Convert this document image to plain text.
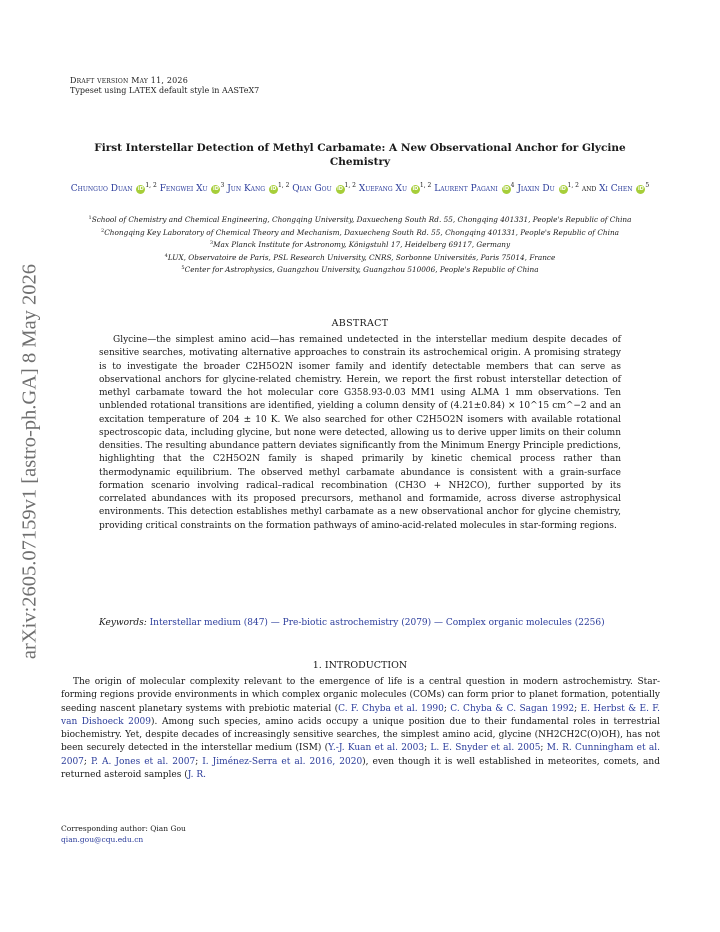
arXiv:2605.07159v1 [astro-ph.GA] 8 May 2026
Draft version May 11, 2026
Typeset using LATEX default style in AASTeX7
First Interstellar Detection of Methyl Carbamate: A New Observational Anchor for Glycine Chemistry
Chunguo Duan iD $^{1, 2}$ Fengwei Xu iD $^3$ Jun Kang iD $^{1, 2}$ Qian Gou iD $^{1, 2}$ Xuefang Xu iD $^{1, 2}$ Laurent Pagani iD $^4$ Jiaxin Du iD $^{1, 2}$ and Xi Chen iD $^5$
$^1$School of Chemistry and Chemical Engineering, Chongqing University, Daxuecheng South Rd. 55, Chongqing 401331, People's Republic of China
$^2$Chongqing Key Laboratory of Chemical Theory and Mechanism, Daxuecheng South Rd. 55, Chongqing 401331, People's Republic of China
$^3$Max Planck Institute for Astronomy, Königstuhl 17, Heidelberg 69117, Germany
$^4$LUX, Observatoire de Paris, PSL Research University, CNRS, Sorbonne Universités, Paris 75014, France
$^5$Center for Astrophysics, Guangzhou University, Guangzhou 510006, People's Republic of China
ABSTRACT

Glycine—the simplest amino acid—has remained undetected in the interstellar medium despite decades of sensitive searches, motivating alternative approaches to constrain its astrochemical origin. A promising strategy is to investigate the broader C2H5O2N isomer family and identify detectable members that can serve as observational anchors for glycine-related chemistry. Herein, we report the first robust interstellar detection of methyl carbamate toward the hot molecular core G358.93-0.03 MM1 using ALMA 1 mm observations. Ten unblended rotational transitions are identified, yielding a column density of (4.21±0.84) × 10^15 cm^−2 and an excitation temperature of 204 ± 10 K. We also searched for other C2H5O2N isomers with available rotational spectroscopic data, including glycine, but none were detected, allowing us to derive upper limits on their column densities. The resulting abundance pattern deviates significantly from the Minimum Energy Principle predictions, highlighting that the C2H5O2N family is shaped primarily by kinetic chemical process rather than thermodynamic equilibrium. The observed methyl carbamate abundance is consistent with a grain-surface formation scenario involving radical–radical recombination (CH3O + NH2CO), further supported by its correlated abundances with its proposed precursors, methanol and formamide, across diverse astrophysical environments. This detection establishes methyl carbamate as a new observational anchor for glycine chemistry, providing critical constraints on the formation pathways of amino-acid-related molecules in star-forming regions.

Keywords: Interstellar medium (847) — Pre-biotic astrochemistry (2079) — Complex organic molecules (2256)
1. INTRODUCTION

The origin of molecular complexity relevant to the emergence of life is a central question in modern astrochemistry. Star-forming regions provide environments in which complex organic molecules (COMs) can form prior to planet formation, potentially seeding nascent planetary systems with prebiotic material (C. F. Chyba et al. 1990; C. Chyba & C. Sagan 1992; E. Herbst & E. F. van Dishoeck 2009). Among such species, amino acids occupy a unique position due to their fundamental roles in terrestrial biochemistry. Yet, despite decades of increasingly sensitive searches, the simplest amino acid, glycine (NH2CH2C(O)OH), has not been securely detected in the interstellar medium (ISM) (Y.-J. Kuan et al. 2003; L. E. Snyder et al. 2005; M. R. Cunningham et al. 2007; P. A. Jones et al. 2007; I. Jiménez-Serra et al. 2016, 2020), even though it is well established in meteorites, comets, and returned asteroid samples (J. R.

Corresponding author: Qian Gou
qian.gou@cqu.edu.cn
